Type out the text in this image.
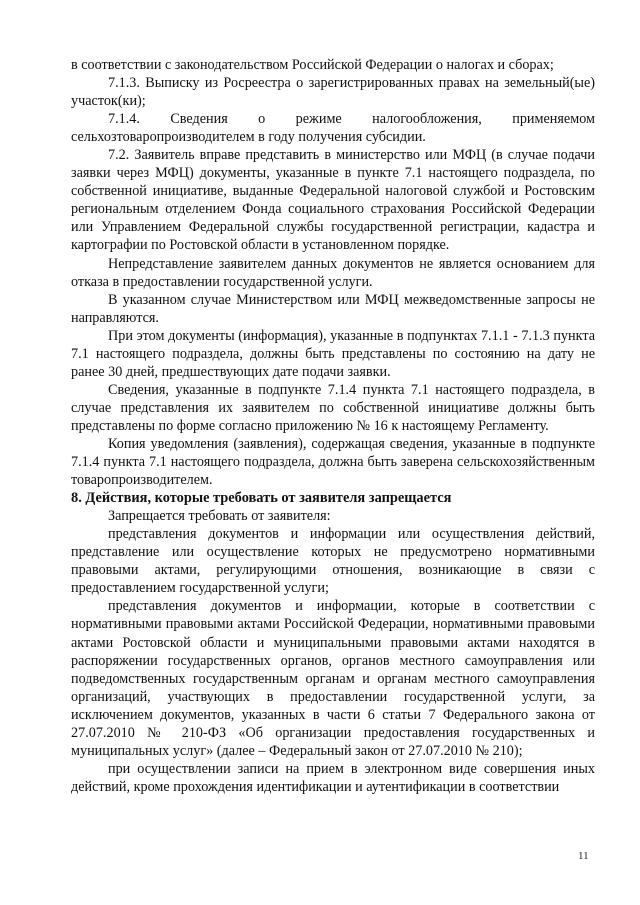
в соответствии с законодательством Российской Федерации о налогах и сборах;

7.1.3. Выписку из Росреестра о зарегистрированных правах на земельный(ые) участок(ки);

7.1.4. Сведения о режиме налогообложения, применяемом сельхозтоваропроизводителем в году получения субсидии.

7.2. Заявитель вправе представить в министерство или МФЦ (в случае подачи заявки через МФЦ) документы, указанные в пункте 7.1 настоящего подраздела, по собственной инициативе, выданные Федеральной налоговой службой и Ростовским региональным отделением Фонда социального страхования Российской Федерации или Управлением Федеральной службы государственной регистрации, кадастра и картографии по Ростовской области в установленном порядке.

Непредставление заявителем данных документов не является основанием для отказа в предоставлении государственной услуги.

В указанном случае Министерством или МФЦ межведомственные запросы не направляются.

При этом документы (информация), указанные в подпунктах 7.1.1 - 7.1.3 пункта 7.1 настоящего подраздела, должны быть представлены по состоянию на дату не ранее 30 дней, предшествующих дате подачи заявки.

Сведения, указанные в подпункте 7.1.4 пункта 7.1 настоящего подраздела, в случае представления их заявителем по собственной инициативе должны быть представлены по форме согласно приложению № 16 к настоящему Регламенту.

Копия уведомления (заявления), содержащая сведения, указанные в подпункте 7.1.4 пункта 7.1 настоящего подраздела, должна быть заверена сельскохозяйственным товаропроизводителем.

8. Действия, которые требовать от заявителя запрещается

Запрещается требовать от заявителя:

представления документов и информации или осуществления действий, представление или осуществление которых не предусмотрено нормативными правовыми актами, регулирующими отношения, возникающие в связи с предоставлением государственной услуги;

представления документов и информации, которые в соответствии с нормативными правовыми актами Российской Федерации, нормативными правовыми актами Ростовской области и муниципальными правовыми актами находятся в распоряжении государственных органов, органов местного самоуправления или подведомственных государственным органам и органам местного самоуправления организаций, участвующих в предоставлении государственной услуги, за исключением документов, указанных в части 6 статьи 7 Федерального закона от 27.07.2010 № 210-ФЗ «Об организации предоставления государственных и муниципальных услуг» (далее – Федеральный закон от 27.07.2010 № 210);

при осуществлении записи на прием в электронном виде совершения иных действий, кроме прохождения идентификации и аутентификации в соответствии

11
